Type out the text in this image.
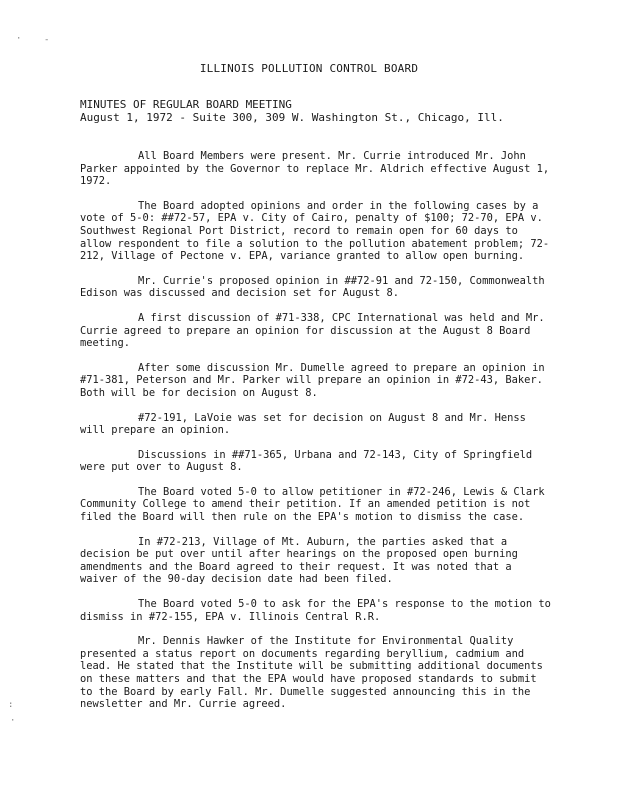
·	-
ILLINOIS POLLUTION CONTROL BOARD
MINUTES OF REGULAR BOARD MEETING
August 1, 1972 - Suite 300, 309 W. Washington St., Chicago, Ill.

All Board Members were present. Mr. Currie introduced Mr. John Parker appointed by the Governor to replace Mr. Aldrich effective August 1, 1972.

The Board adopted opinions and order in the following cases by a vote of 5-0: ##72-57, EPA v. City of Cairo, penalty of $100; 72-70, EPA v. Southwest Regional Port District, record to remain open for 60 days to allow respondent to file a solution to the pollution abatement problem; 72-212, Village of Pectone v. EPA, variance granted to allow open burning.

Mr. Currie's proposed opinion in ##72-91 and 72-150, Commonwealth Edison was discussed and decision set for August 8.

A first discussion of #71-338, CPC International was held and Mr. Currie agreed to prepare an opinion for discussion at the August 8 Board meeting.

After some discussion Mr. Dumelle agreed to prepare an opinion in #71-381, Peterson and Mr. Parker will prepare an opinion in #72-43, Baker. Both will be for decision on August 8.

#72-191, LaVoie was set for decision on August 8 and Mr. Henss will prepare an opinion.

Discussions in ##71-365, Urbana and 72-143, City of Springfield were put over to August 8.

The Board voted 5-0 to allow petitioner in #72-246, Lewis & Clark Community College to amend their petition. If an amended petition is not filed the Board will then rule on the EPA's motion to dismiss the case.

In #72-213, Village of Mt. Auburn, the parties asked that a decision be put over until after hearings on the proposed open burning amendments and the Board agreed to their request. It was noted that a waiver of the 90-day decision date had been filed.

The Board voted 5-0 to ask for the EPA's response to the motion to dismiss in #72-155, EPA v. Illinois Central R.R.

Mr. Dennis Hawker of the Institute for Environmental Quality presented a status report on documents regarding beryllium, cadmium and lead. He stated that the Institute will be submitting additional documents on these matters and that the EPA would have proposed standards to submit to the Board by early Fall. Mr. Dumelle suggested announcing this in the newsletter and Mr. Currie agreed.

:
·
